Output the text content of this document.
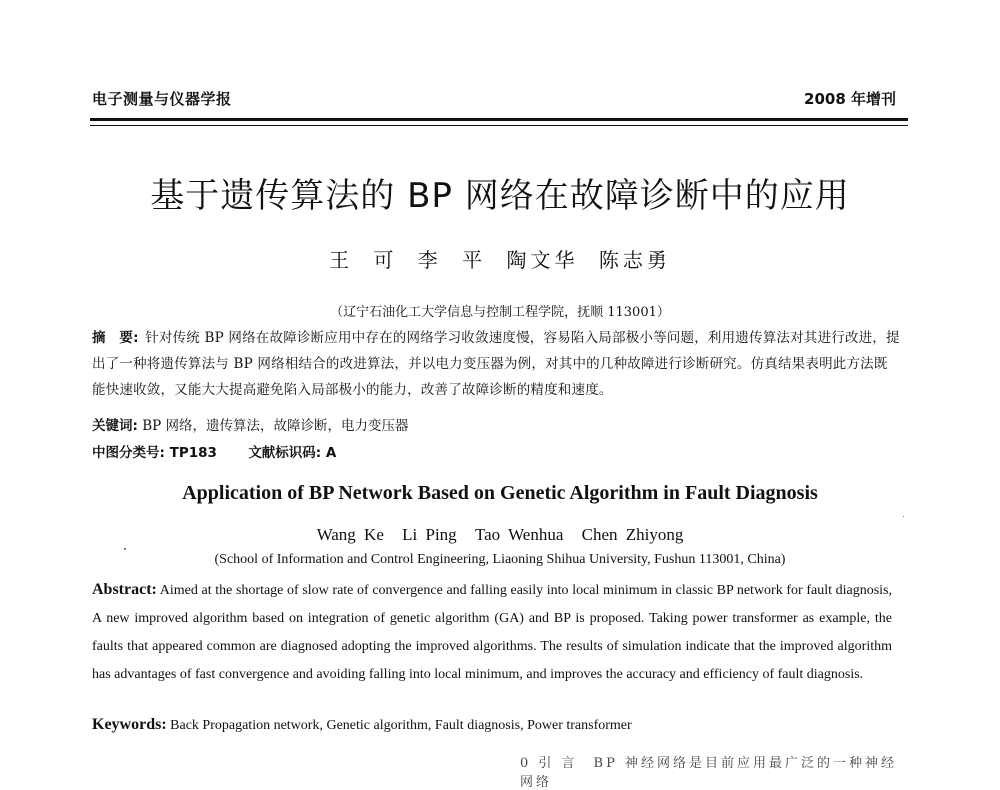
电子测量与仪器学报	2008 年增刊
基于遗传算法的 BP 网络在故障诊断中的应用
王 可 李 平 陶文华 陈志勇
（辽宁石油化工大学信息与控制工程学院，抚顺 113001）
摘　要: 针对传统 BP 网络在故障诊断应用中存在的网络学习收敛速度慢，容易陷入局部极小等问题，利用遗传算法对其进行改进，提出了一种将遗传算法与 BP 网络相结合的改进算法，并以电力变压器为例，对其中的几种故障进行诊断研究。仿真结果表明此方法既能快速收敛，又能大大提高避免陷入局部极小的能力，改善了故障诊断的精度和速度。
关键词: BP 网络，遗传算法，故障诊断，电力变压器
中图分类号: TP183 文献标识码: A
Application of BP Network Based on Genetic Algorithm in Fault Diagnosis
Wang Ke Li Ping Tao Wenhua Chen Zhiyong
(School of Information and Control Engineering, Liaoning Shihua University, Fushun 113001, China)
Abstract: Aimed at the shortage of slow rate of convergence and falling easily into local minimum in classic BP network for fault diagnosis, A new improved algorithm based on integration of genetic algorithm (GA) and BP is proposed. Taking power transformer as example, the faults that appeared common are diagnosed adopting the improved algorithms. The results of simulation indicate that the improved algorithm has advantages of fast convergence and avoiding falling into local minimum, and improves the accuracy and efficiency of fault diagnosis.
Keywords: Back Propagation network, Genetic algorithm, Fault diagnosis, Power transformer
0 引 言　BP 神经网络是目前应用最广泛的一种神经网络
